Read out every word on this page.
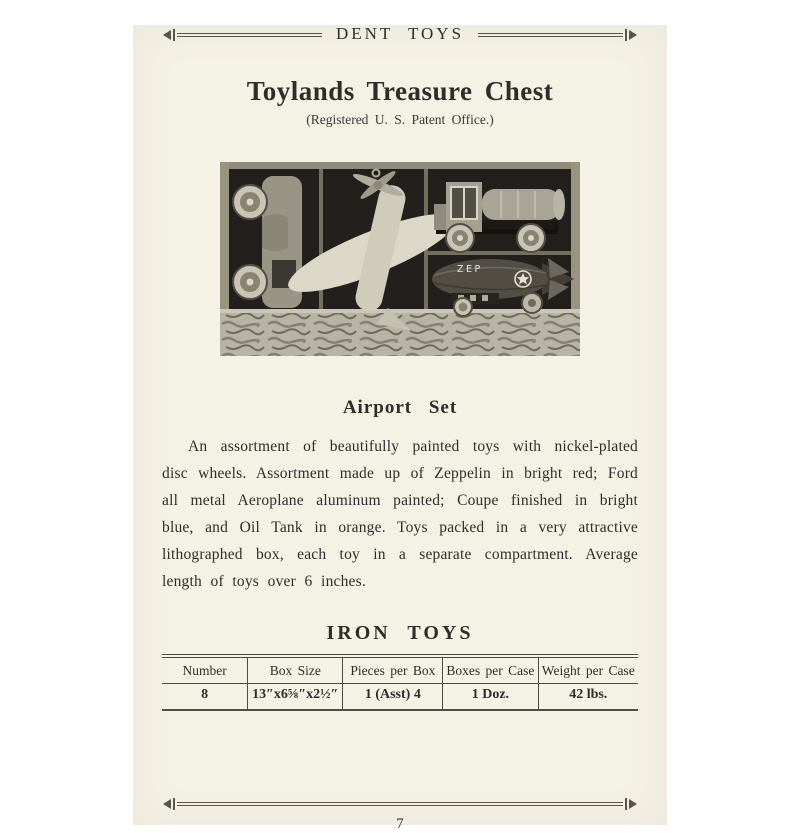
DENT TOYS
Toylands Treasure Chest
(Registered U. S. Patent Office.)
ZEP
Airport Set

An assortment of beautifully painted toys with nickel-plated disc wheels. Assortment made up of Zeppelin in bright red; Ford all metal Aeroplane aluminum painted; Coupe finished in bright blue, and Oil Tank in orange. Toys packed in a very attractive lithographed box, each toy in a separate compartment. Average length of toys over 6 inches.

IRON TOYS
Number	Box Size	Pieces per Box	Boxes per Case	Weight per Case
8	13″x6⅝″x2½″	1 (Asst) 4	1 Doz.	42 lbs.
7
